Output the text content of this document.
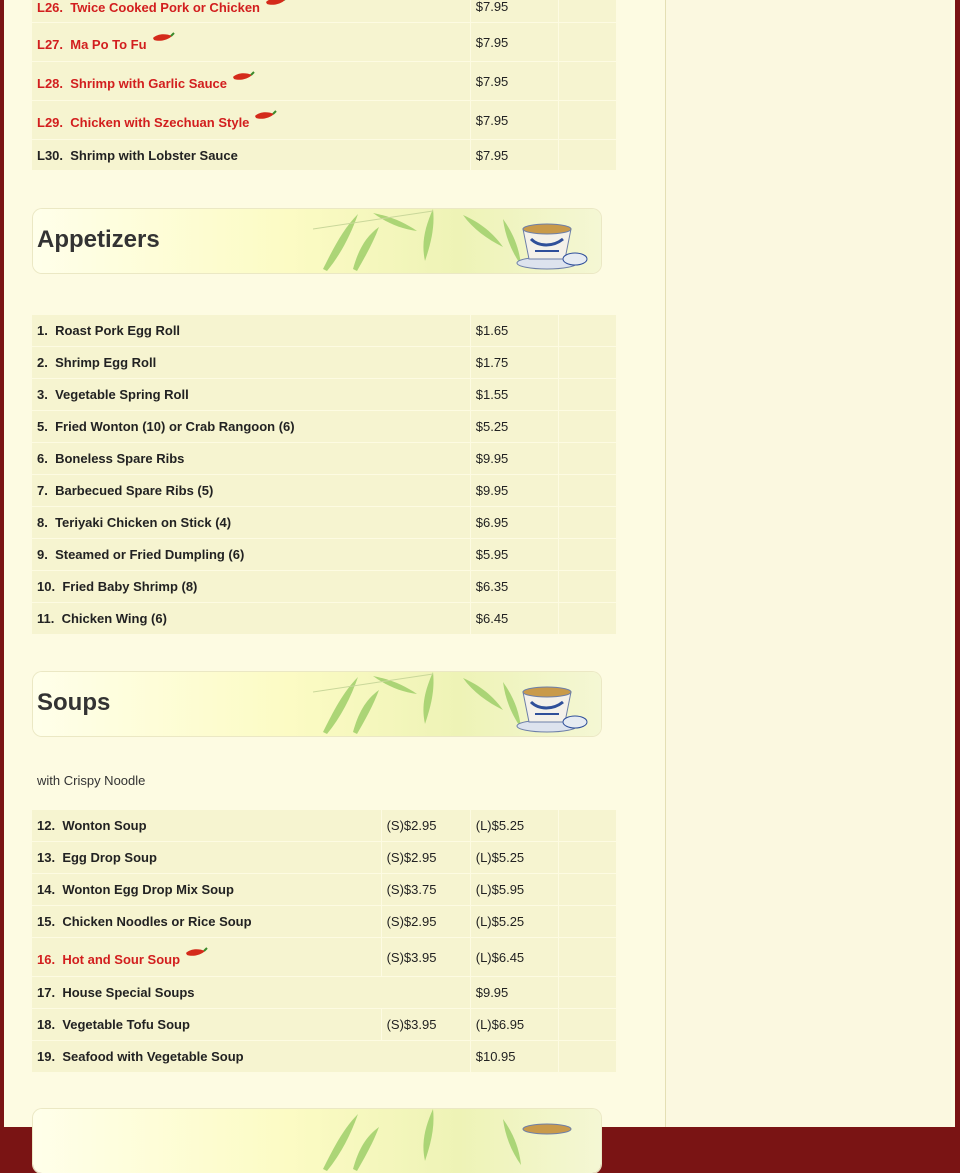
L26. Twice Cooked Pork or Chicken	$7.95	
L27. Ma Po To Fu	$7.95	
L28. Shrimp with Garlic Sauce	$7.95	
L29. Chicken with Szechuan Style	$7.95	
L30. Shrimp with Lobster Sauce	$7.95	
Appetizers
1. Roast Pork Egg Roll	$1.65	
2. Shrimp Egg Roll	$1.75	
3. Vegetable Spring Roll	$1.55	
5. Fried Wonton (10) or Crab Rangoon (6)	$5.25	
6. Boneless Spare Ribs	$9.95	
7. Barbecued Spare Ribs (5)	$9.95	
8. Teriyaki Chicken on Stick (4)	$6.95	
9. Steamed or Fried Dumpling (6)	$5.95	
10. Fried Baby Shrimp (8)	$6.35	
11. Chicken Wing (6)	$6.45	
Soups
with Crispy Noodle
12. Wonton Soup	(S)$2.95	(L)$5.25	
13. Egg Drop Soup	(S)$2.95	(L)$5.25	
14. Wonton Egg Drop Mix Soup	(S)$3.75	(L)$5.95	
15. Chicken Noodles or Rice Soup	(S)$2.95	(L)$5.25	
16. Hot and Sour Soup	(S)$3.95	(L)$6.45	
17. House Special Soups		$9.95	
18. Vegetable Tofu Soup	(S)$3.95	(L)$6.95	
19. Seafood with Vegetable Soup		$10.95	
